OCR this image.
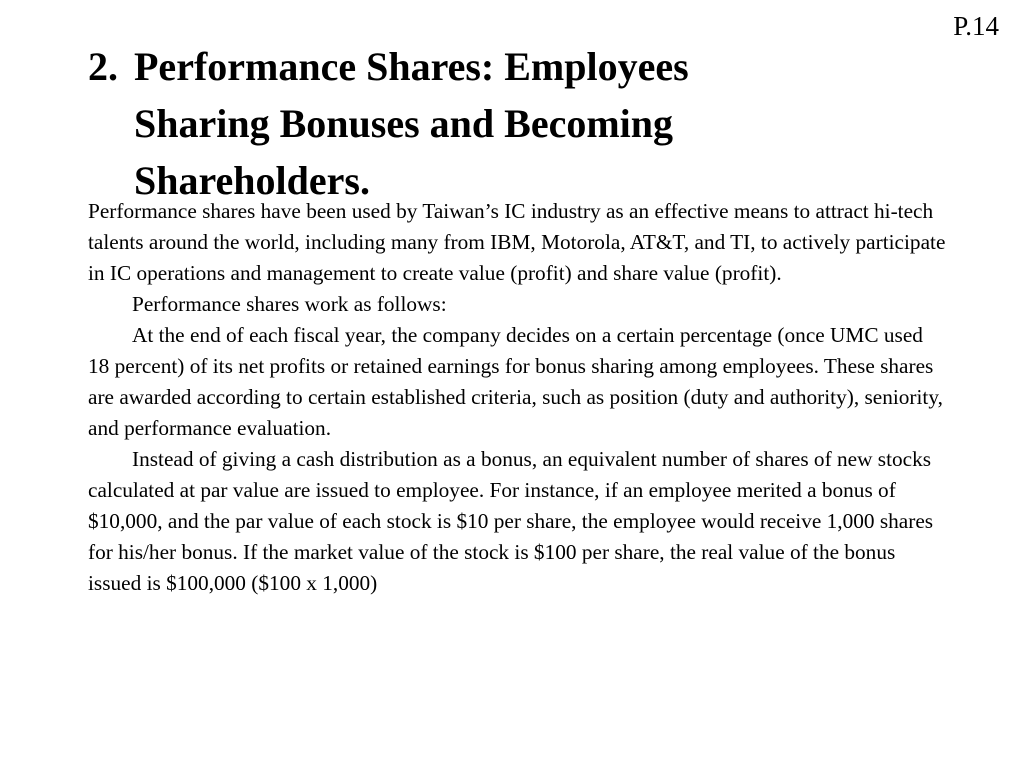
P.14
2. Performance Shares: Employees
Sharing Bonuses and Becoming
Shareholders.

Performance shares have been used by Taiwan’s IC industry as an effective means to attract hi-tech talents around the world, including many from IBM, Motorola, AT&T, and TI, to actively participate in IC operations and management to create value (profit) and share value (profit).

Performance shares work as follows:

At the end of each fiscal year, the company decides on a certain percentage (once UMC used 18 percent) of its net profits or retained earnings for bonus sharing among employees. These shares are awarded according to certain established criteria, such as position (duty and authority), seniority, and performance evaluation.

Instead of giving a cash distribution as a bonus, an equivalent number of shares of new stocks calculated at par value are issued to employee. For instance, if an employee merited a bonus of $10,000, and the par value of each stock is $10 per share, the employee would receive 1,000 shares for his/her bonus. If the market value of the stock is $100 per share, the real value of the bonus issued is $100,000 ($100 x 1,000)
